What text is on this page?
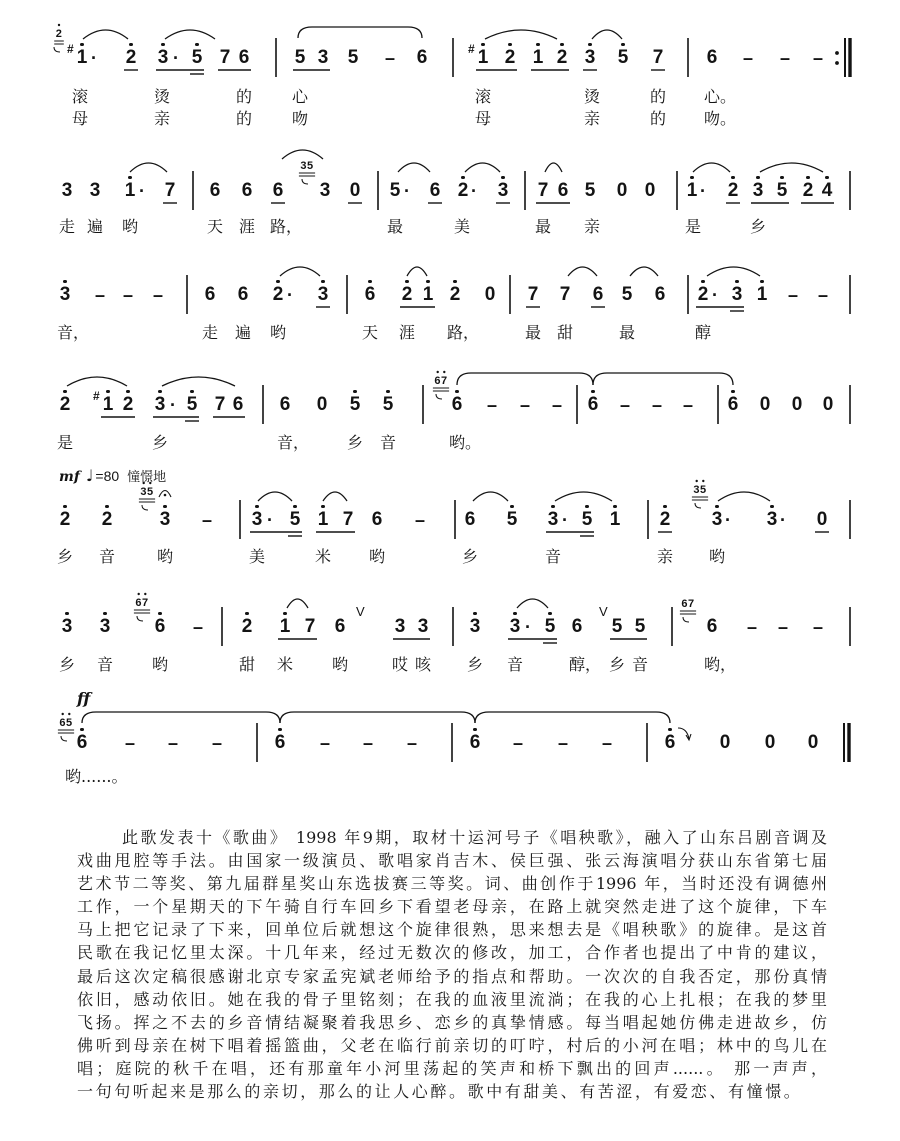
1
# ·	2 3 · 5 7 6 5 3 5 – 6	1
# 2 1 2 3 5 7 6 – – –
2
滚	烫	的 心	滚	烫	的 心。
母	亲	的 吻	母	亲	的 吻。
3 3 1 ·	7 6 6 6 3 0 5 ·	6 2 ·	3 7 6 5 0 0 1 ·	2 3 5 2 4
35
走 遍 哟	天 涯 路，	最	美	最 亲	是	乡
3 – – – 6 6 2 ·	3 6 2 1 2 0 7 7 6 5 6 2 · 3 1 – –
音，	走 遍 哟	天 涯 路，	最 甜	最	醇
2 1
# 2 3 · 5 7 6 6 0 5 5	6 – – – 6 – – – 6 0 0 0
67
是	乡	音， 乡 音	哟。
2 2 3 – 3 · 5 1 7 6 – 6 5 3 · 5 1 2 3 ·	3 ·	0
35	35
乡 音	哟	美	米 哟	乡	音	亲 哟
3 3 6 – 2 1 7 6	3 3 3 3 · 5 6 5 5	6 – – –
67	67
V	V
乡 音 哟	甜 米 哟	哎 咳 乡 音	醇， 乡 音	哟，
6 – – –	6 – – –	6 – – –	6 0 0 0
65
ff
哟......。
mf ♩ =80 憧憬地
此歌发表十《歌曲》 1998 年9期，取材十运河号子《唱秧歌》，融入了山东吕剧音调及
戏曲甩腔等手法。由国家一级演员、歌唱家肖吉木、侯巨强、张云海演唱分获山东省第七届
艺术节二等奖、第九届群星奖山东选拔赛三等奖。词、曲创作于1996 年，当时还没有调德州
工作，一个星期天的下午骑自行车回乡下看望老母亲，在路上就突然走进了这个旋律，下车
马上把它记录了下来，回单位后就想这个旋律很熟，思来想去是《唱秧歌》的旋律。是这首
民歌在我记忆里太深。十几年来，经过无数次的修改，加工，合作者也提出了中肯的建议，
最后这次定稿很感谢北京专家孟宪斌老师给予的指点和帮助。一次次的自我否定，那份真情
依旧，感动依旧。她在我的骨子里铭刻；在我的血液里流淌；在我的心上扎根；在我的梦里
飞扬。挥之不去的乡音情结凝聚着我思乡、恋乡的真挚情感。每当唱起她仿佛走进故乡，仿
佛听到母亲在树下唱着摇篮曲，父老在临行前亲切的叮咛，村后的小河在唱；林中的鸟儿在
唱；庭院的秋千在唱，还有那童年小河里荡起的笑声和桥下飘出的回声......。 那一声声，
一句句听起来是那么的亲切，那么的让人心醉。歌中有甜美、有苦涩，有爱恋、有憧憬。
